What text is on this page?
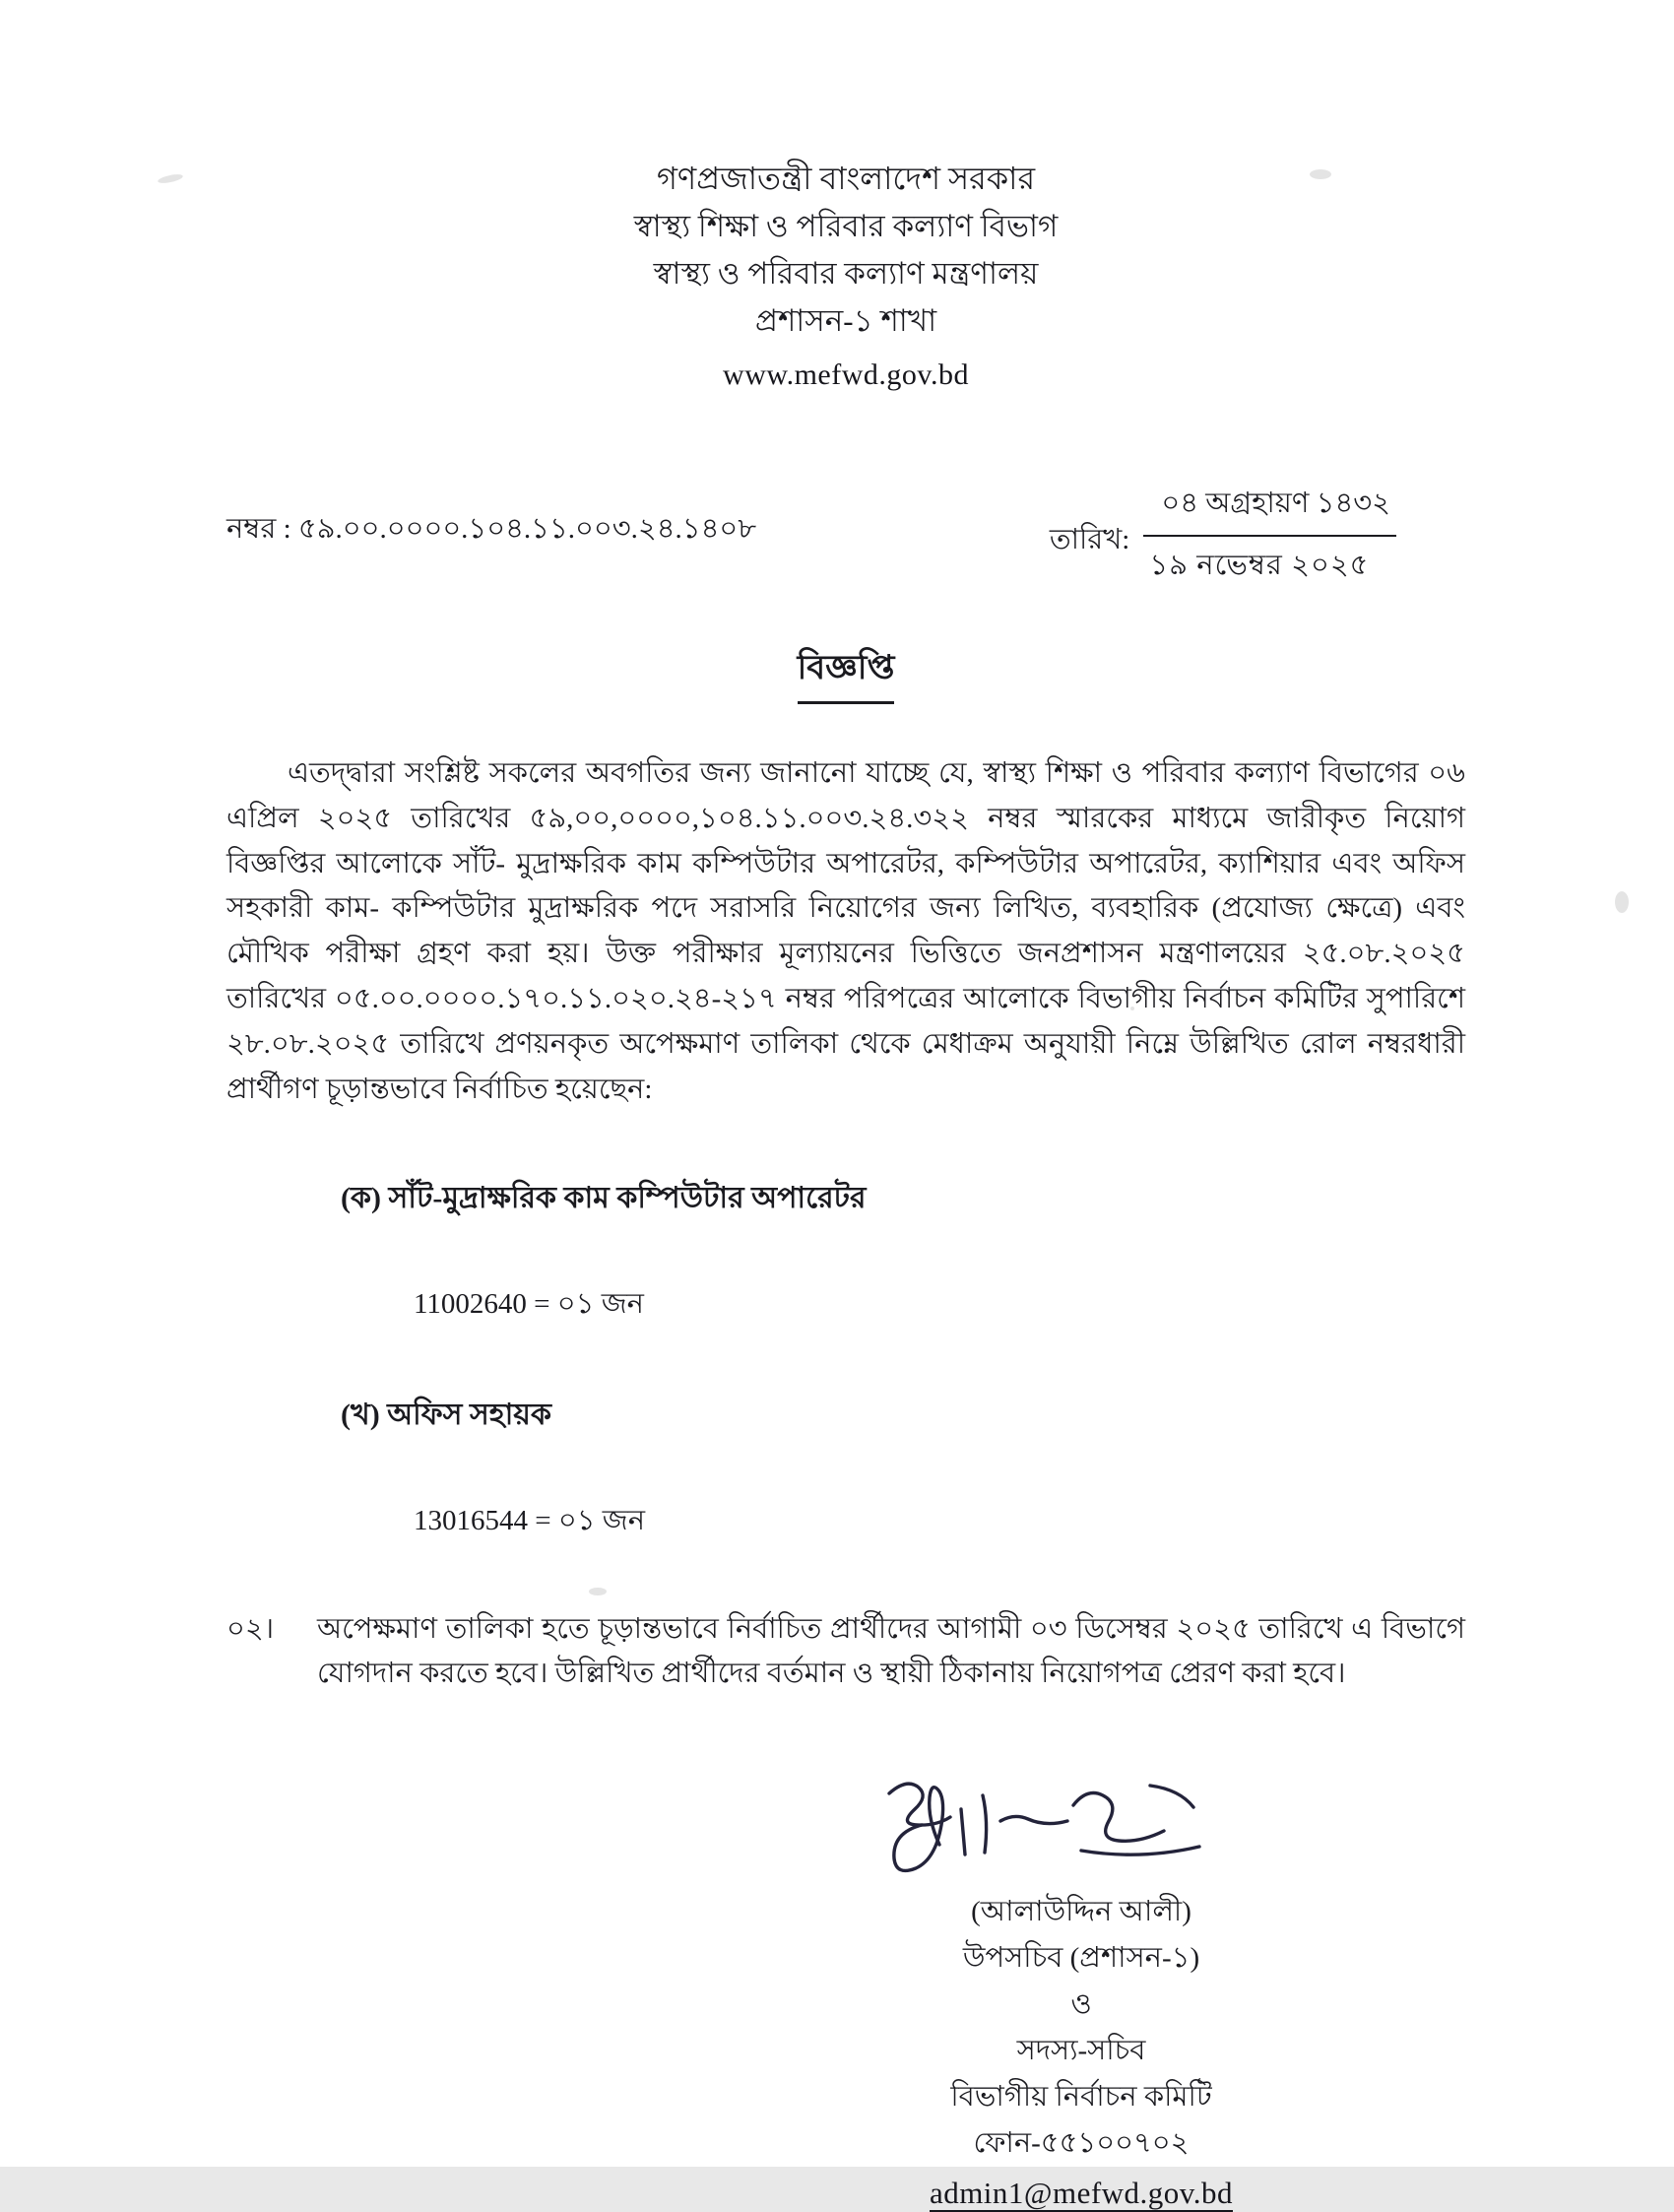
গণপ্রজাতন্ত্রী বাংলাদেশ সরকার
স্বাস্থ্য শিক্ষা ও পরিবার কল্যাণ বিভাগ
স্বাস্থ্য ও পরিবার কল্যাণ মন্ত্রণালয়
প্রশাসন-১ শাখা
www.mefwd.gov.bd
নম্বর : ৫৯.০০.০০০০.১০৪.১১.০০৩.২৪.১৪০৮	তারিখ:
০৪ অগ্রহায়ণ ১৪৩২
১৯ নভেম্বর ২০২৫
বিজ্ঞপ্তি
এতদ্দ্বারা সংশ্লিষ্ট সকলের অবগতির জন্য জানানো যাচ্ছে যে, স্বাস্থ্য শিক্ষা ও পরিবার কল্যাণ বিভাগের ০৬ এপ্রিল ২০২৫ তারিখের ৫৯,০০,০০০০,১০৪.১১.০০৩.২৪.৩২২ নম্বর স্মারকের মাধ্যমে জারীকৃত নিয়োগ বিজ্ঞপ্তির আলোকে সাঁট- মুদ্রাক্ষরিক কাম কম্পিউটার অপারেটর, কম্পিউটার অপারেটর, ক্যাশিয়ার এবং অফিস সহকারী কাম- কম্পিউটার মুদ্রাক্ষরিক পদে সরাসরি নিয়োগের জন্য লিখিত, ব্যবহারিক (প্রযোজ্য ক্ষেত্রে) এবং মৌখিক পরীক্ষা গ্রহণ করা হয়। উক্ত পরীক্ষার মূল্যায়নের ভিত্তিতে জনপ্রশাসন মন্ত্রণালয়ের ২৫.০৮.২০২৫ তারিখের ০৫.০০.০০০০.১৭০.১১.০২০.২৪-২১৭ নম্বর পরিপত্রের আলোকে বিভাগীয় নির্বাচন কমিটির সুপারিশে ২৮.০৮.২০২৫ তারিখে প্রণয়নকৃত অপেক্ষমাণ তালিকা থেকে মেধাক্রম অনুযায়ী নিম্নে উল্লিখিত রোল নম্বরধারী প্রার্থীগণ চূড়ান্তভাবে নির্বাচিত হয়েছেন:
(ক) সাঁট-মুদ্রাক্ষরিক কাম কম্পিউটার অপারেটর
11002640 = ০১ জন
(খ) অফিস সহায়ক
13016544 = ০১ জন
০২।	অপেক্ষমাণ তালিকা হতে চূড়ান্তভাবে নির্বাচিত প্রার্থীদের আগামী ০৩ ডিসেম্বর ২০২৫ তারিখে এ বিভাগে যোগদান করতে হবে। উল্লিখিত প্রার্থীদের বর্তমান ও স্থায়ী ঠিকানায় নিয়োগপত্র প্রেরণ করা হবে।
(আলাউদ্দিন আলী)
উপসচিব (প্রশাসন-১)
ও
সদস্য-সচিব
বিভাগীয় নির্বাচন কমিটি
ফোন-৫৫১০০৭০২
admin1@mefwd.gov.bd
